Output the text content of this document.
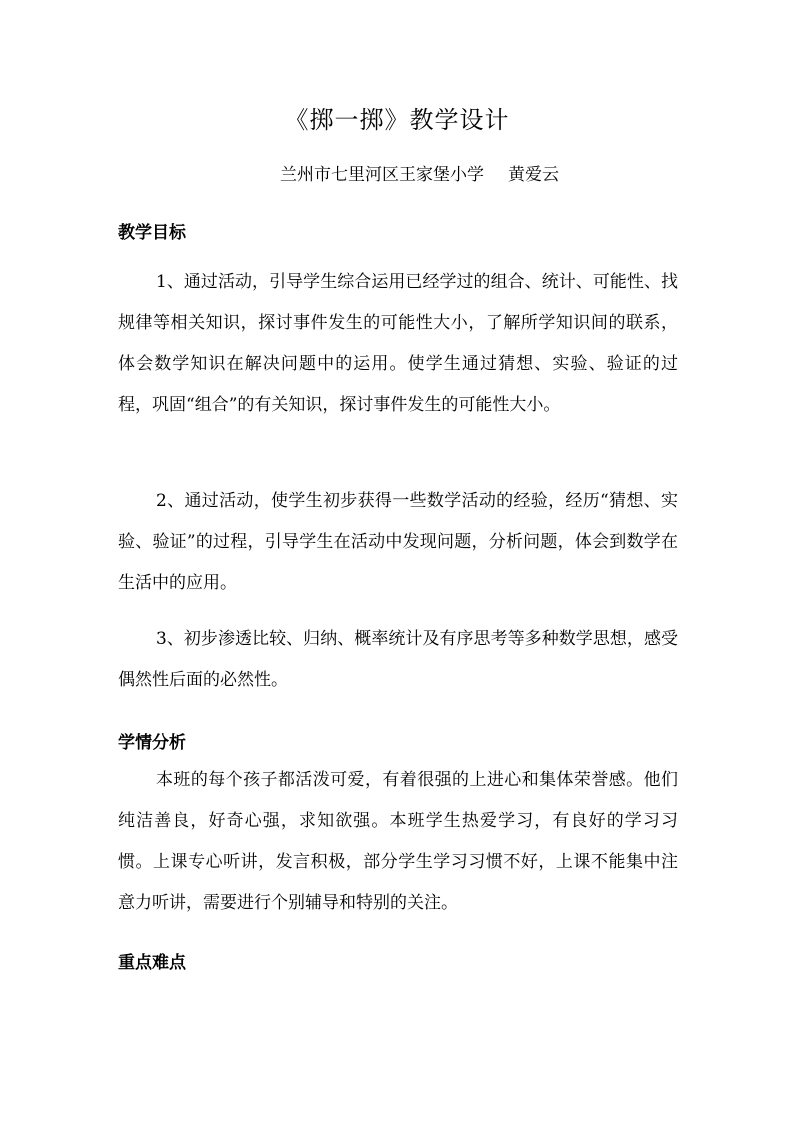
《掷一掷》教学设计
兰州市七里河区王家堡小学 黄爱云
教学目标
1、通过活动，引导学生综合运用已经学过的组合、统计、可能性、找规律等相关知识，探讨事件发生的可能性大小，了解所学知识间的联系，体会数学知识在解决问题中的运用。使学生通过猜想、实验、验证的过程，巩固“组合”的有关知识，探讨事件发生的可能性大小。
2、通过活动，使学生初步获得一些数学活动的经验，经历“猜想、实验、验证”的过程，引导学生在活动中发现问题，分析问题，体会到数学在生活中的应用。
3、初步渗透比较、归纳、概率统计及有序思考等多种数学思想，感受偶然性后面的必然性。
学情分析
本班的每个孩子都活泼可爱，有着很强的上进心和集体荣誉感。他们纯洁善良，好奇心强，求知欲强。本班学生热爱学习，有良好的学习习惯。上课专心听讲，发言积极，部分学生学习习惯不好，上课不能集中注意力听讲，需要进行个别辅导和特别的关注。
重点难点
